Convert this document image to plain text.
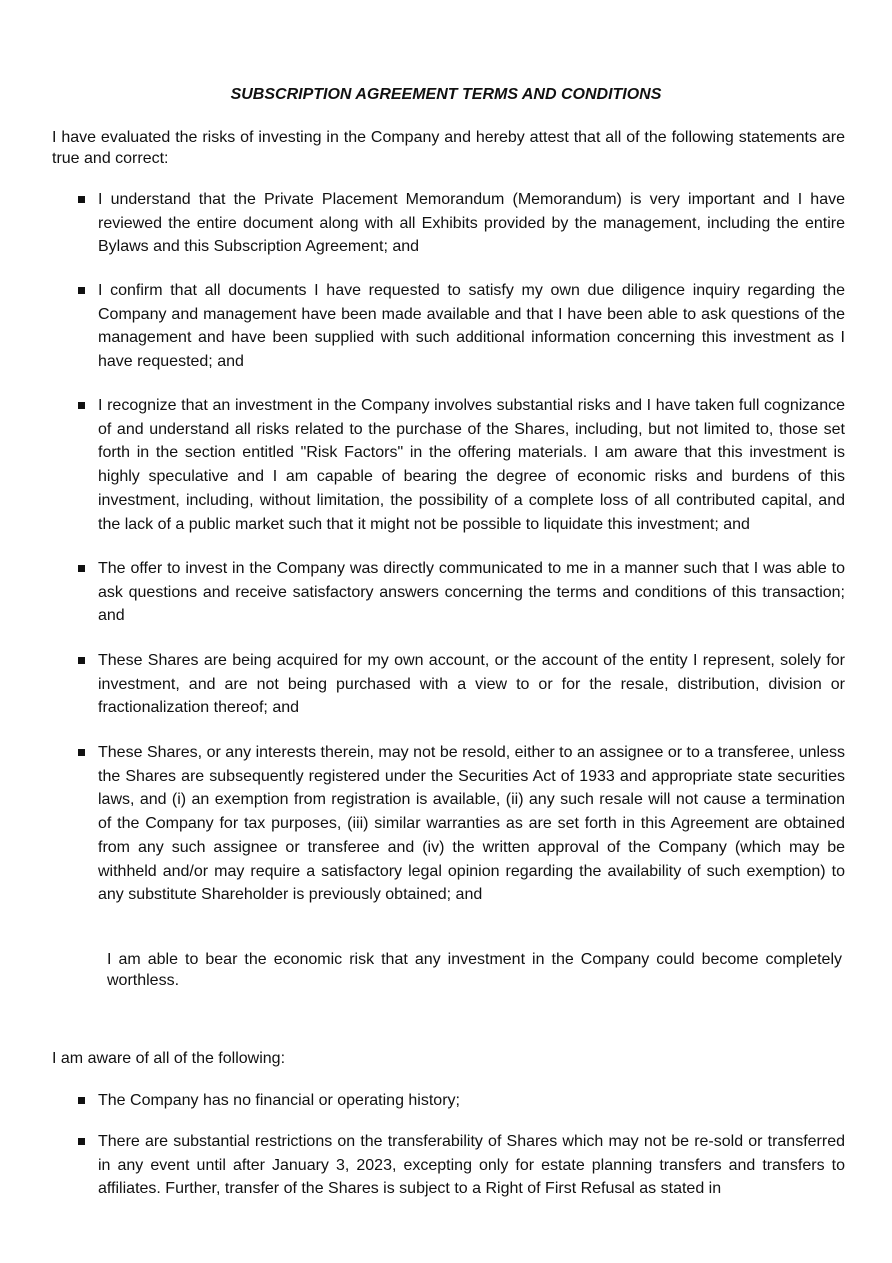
SUBSCRIPTION AGREEMENT TERMS AND CONDITIONS

I have evaluated the risks of investing in the Company and hereby attest that all of the following statements are true and correct:

I understand that the Private Placement Memorandum (Memorandum) is very important and I have reviewed the entire document along with all Exhibits provided by the management, including the entire Bylaws and this Subscription Agreement; and
I confirm that all documents I have requested to satisfy my own due diligence inquiry regarding the Company and management have been made available and that I have been able to ask questions of the management and have been supplied with such additional information concerning this investment as I have requested; and
I recognize that an investment in the Company involves substantial risks and I have taken full cognizance of and understand all risks related to the purchase of the Shares, including, but not limited to, those set forth in the section entitled "Risk Factors" in the offering materials. I am aware that this investment is highly speculative and I am capable of bearing the degree of economic risks and burdens of this investment, including, without limitation, the possibility of a complete loss of all contributed capital, and the lack of a public market such that it might not be possible to liquidate this investment; and
The offer to invest in the Company was directly communicated to me in a manner such that I was able to ask questions and receive satisfactory answers concerning the terms and conditions of this transaction; and
These Shares are being acquired for my own account, or the account of the entity I represent, solely for investment, and are not being purchased with a view to or for the resale, distribution, division or fractionalization thereof; and
These Shares, or any interests therein, may not be resold, either to an assignee or to a transferee, unless the Shares are subsequently registered under the Securities Act of 1933 and appropriate state securities laws, and (i) an exemption from registration is available, (ii) any such resale will not cause a termination of the Company for tax purposes, (iii) similar warranties as are set forth in this Agreement are obtained from any such assignee or transferee and (iv) the written approval of the Company (which may be withheld and/or may require a satisfactory legal opinion regarding the availability of such exemption) to any substitute Shareholder is previously obtained; and

I am able to bear the economic risk that any investment in the Company could become completely worthless.

I am aware of all of the following:

The Company has no financial or operating history;
There are substantial restrictions on the transferability of Shares which may not be re-sold or transferred in any event until after January 3, 2023, excepting only for estate planning transfers and transfers to affiliates. Further, transfer of the Shares is subject to a Right of First Refusal as stated in
